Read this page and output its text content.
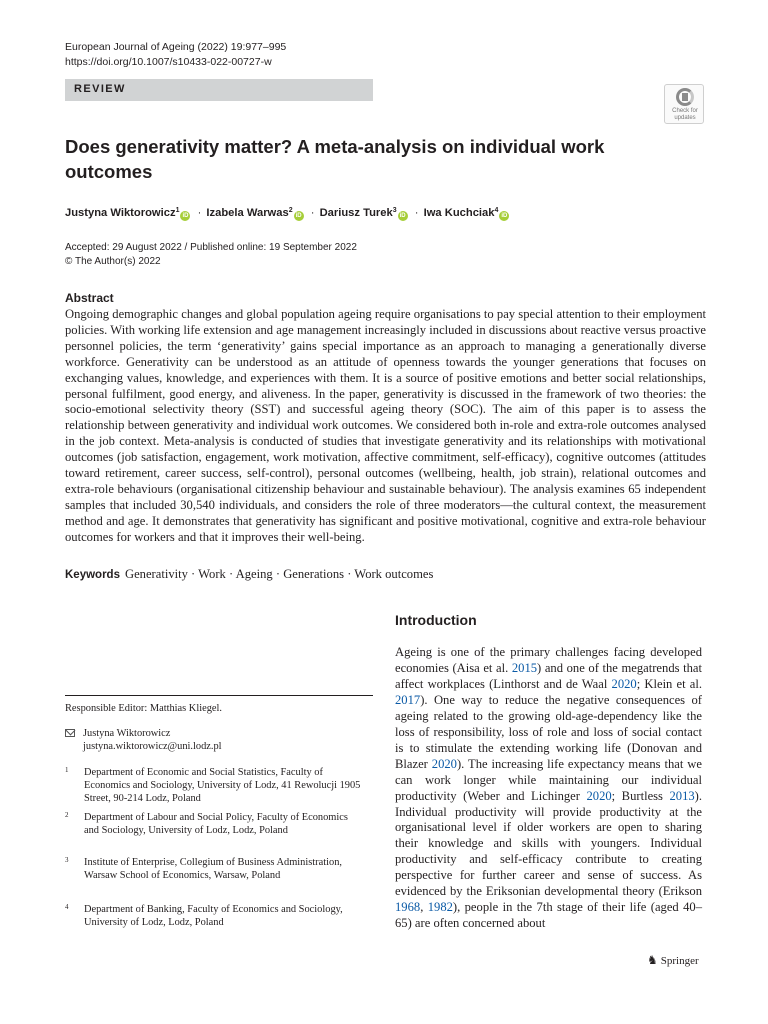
European Journal of Ageing (2022) 19:977–995
https://doi.org/10.1007/s10433-022-00727-w
REVIEW
Check for updates
Does generativity matter? A meta-analysis on individual work outcomes
Justyna Wiktorowicz$^1$iD · Izabela Warwas$^2$iD · Dariusz Turek$^3$iD · Iwa Kuchciak$^4$iD
Accepted: 29 August 2022 / Published online: 19 September 2022
© The Author(s) 2022
Abstract

Ongoing demographic changes and global population ageing require organisations to pay special attention to their employment policies. With working life extension and age management increasingly included in discussions about reactive versus proactive personnel policies, the term ‘generativity’ gains special importance as an approach to managing a generationally diverse workforce. Generativity can be understood as an attitude of openness towards the younger generations that focuses on exchanging values, knowledge, and experiences with them. It is a source of positive emotions and better social relationships, personal fulfilment, good energy, and aliveness. In the paper, generativity is discussed in the framework of two theories: the socio-emotional selectivity theory (SST) and successful ageing theory (SOC). The aim of this paper is to assess the relationship between generativity and individual work outcomes. We considered both in-role and extra-role outcomes analysed in the job context. Meta-analysis is conducted of studies that investigate generativity and its relationships with motivational outcomes (job satisfaction, engagement, work motivation, affective commitment, self-efficacy), cognitive outcomes (attitudes toward retirement, career success, self-control), personal outcomes (wellbeing, health, job strain), relational outcomes and extra-role behaviours (organisational citizenship behaviour and sustainable behaviour). The analysis examines 65 independent samples that included 30,540 individuals, and considers the role of three moderators—the cultural context, the measurement method and age. It demonstrates that generativity has significant and positive motivational, cognitive and extra-role behaviour outcomes for workers and that it improves their well-being.

Keywords Generativity · Work · Ageing · Generations · Work outcomes
Introduction

Ageing is one of the primary challenges facing developed economies (Aisa et al. 2015) and one of the megatrends that affect workplaces (Linthorst and de Waal 2020; Klein et al. 2017). One way to reduce the negative consequences of ageing related to the growing old-age-dependency like the loss of responsibility, loss of role and loss of social contact is to stimulate the extending working life (Donovan and Blazer 2020). The increasing life expectancy means that we can work longer while maintaining our individual productivity (Weber and Lichinger 2020; Burtless 2013). Individual productivity will provide productivity at the organisational level if older workers are open to sharing their knowledge and skills with youngers. Individual productivity and self-efficacy contribute to creating perspective for further career and sense of success. As evidenced by the Eriksonian developmental theory (Erikson 1968, 1982), people in the 7th stage of their life (aged 40–65) are often concerned about

Responsible Editor: Matthias Kliegel.
Justyna Wiktorowicz
justyna.wiktorowicz@uni.lodz.pl
1 Department of Economic and Social Statistics, Faculty of Economics and Sociology, University of Lodz, 41 Rewolucji 1905 Street, 90-214 Lodz, Poland
2 Department of Labour and Social Policy, Faculty of Economics and Sociology, University of Lodz, Lodz, Poland
3 Institute of Enterprise, Collegium of Business Administration, Warsaw School of Economics, Warsaw, Poland
4 Department of Banking, Faculty of Economics and Sociology, University of Lodz, Lodz, Poland
♞ Springer
